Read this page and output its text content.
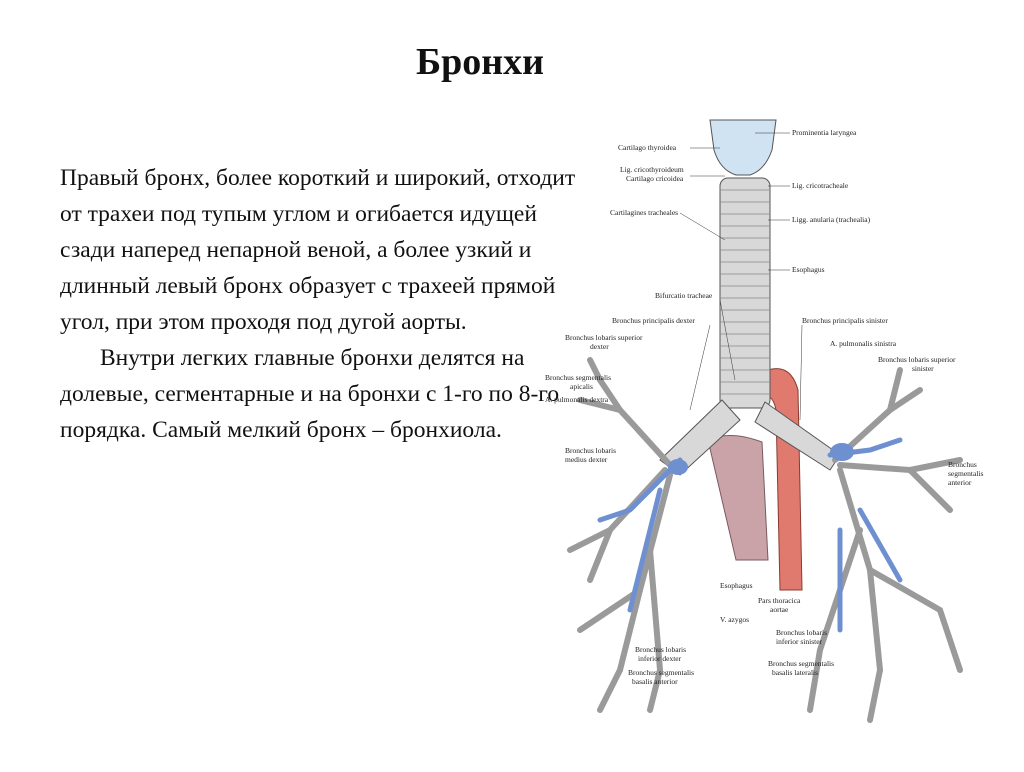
Бронхи

Правый бронх, более короткий и широкий, отходит от трахеи под тупым углом и огибается идущей сзади наперед непарной веной, а более узкий и длинный левый бронх образует с трахеей прямой угол, при этом проходя под дугой аорты.

Внутри легких главные бронхи делятся на долевые, сегментарные и на бронхи с 1-го по 8-го порядка. Самый мелкий бронх – бронхиола.

Prominentia laryngea
Cartilago thyroidea
Lig. cricothyroideum
Cartilago cricoidea
Lig. cricotracheale
Cartilagines tracheales
Ligg. anularia (trachealia)
Esophagus
Bifurcatio tracheae
Bronchus principalis dexter	Bronchus principalis sinister
Bronchus lobaris superior
dexter	A. pulmonalis sinistra
Bronchus lobaris superior
sinister
Bronchus segmentalis
apicalis
A. pulmonalis dextra
Bronchus lobaris
medius dexter
Bronchus
segmentalis
anterior
Esophagus
Pars thoracica
aortae
V. azygos
Bronchus lobaris
inferior sinister
Bronchus lobaris
inferior dexter
Bronchus segmentalis
basalis lateralis
Bronchus segmentalis
basalis anterior
